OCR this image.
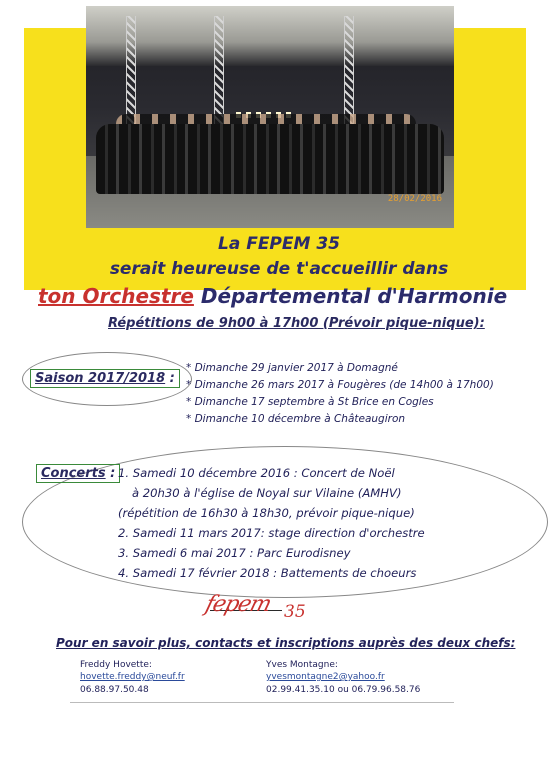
28/02/2016
La FEPEM 35
serait heureuse de t'accueillir dans
ton Orchestre Départemental d'Harmonie
Répétitions de 9h00 à 17h00 (Prévoir pique-nique):
Saison 2017/2018 :
* Dimanche 29 janvier 2017 à Domagné
* Dimanche 26 mars 2017 à Fougères (de 14h00 à 17h00)
* Dimanche 17 septembre à St Brice en Cogles
* Dimanche 10 décembre à Châteaugiron
Concerts : 1. Samedi 10 décembre 2016 : Concert de Noël
à 20h30 à l'église de Noyal sur Vilaine (AMHV)
(répétition de 16h30 à 18h30, prévoir pique-nique)
2. Samedi 11 mars 2017: stage direction d'orchestre
3. Samedi 6 mai 2017 : Parc Eurodisney
4. Samedi 17 février 2018 : Battements de choeurs
fepem 35
Pour en savoir plus, contacts et inscriptions auprès des deux chefs:
Freddy Hovette:
hovette.freddy@neuf.fr
06.88.97.50.48
Yves Montagne:
yvesmontagne2@yahoo.fr
02.99.41.35.10 ou 06.79.96.58.76
